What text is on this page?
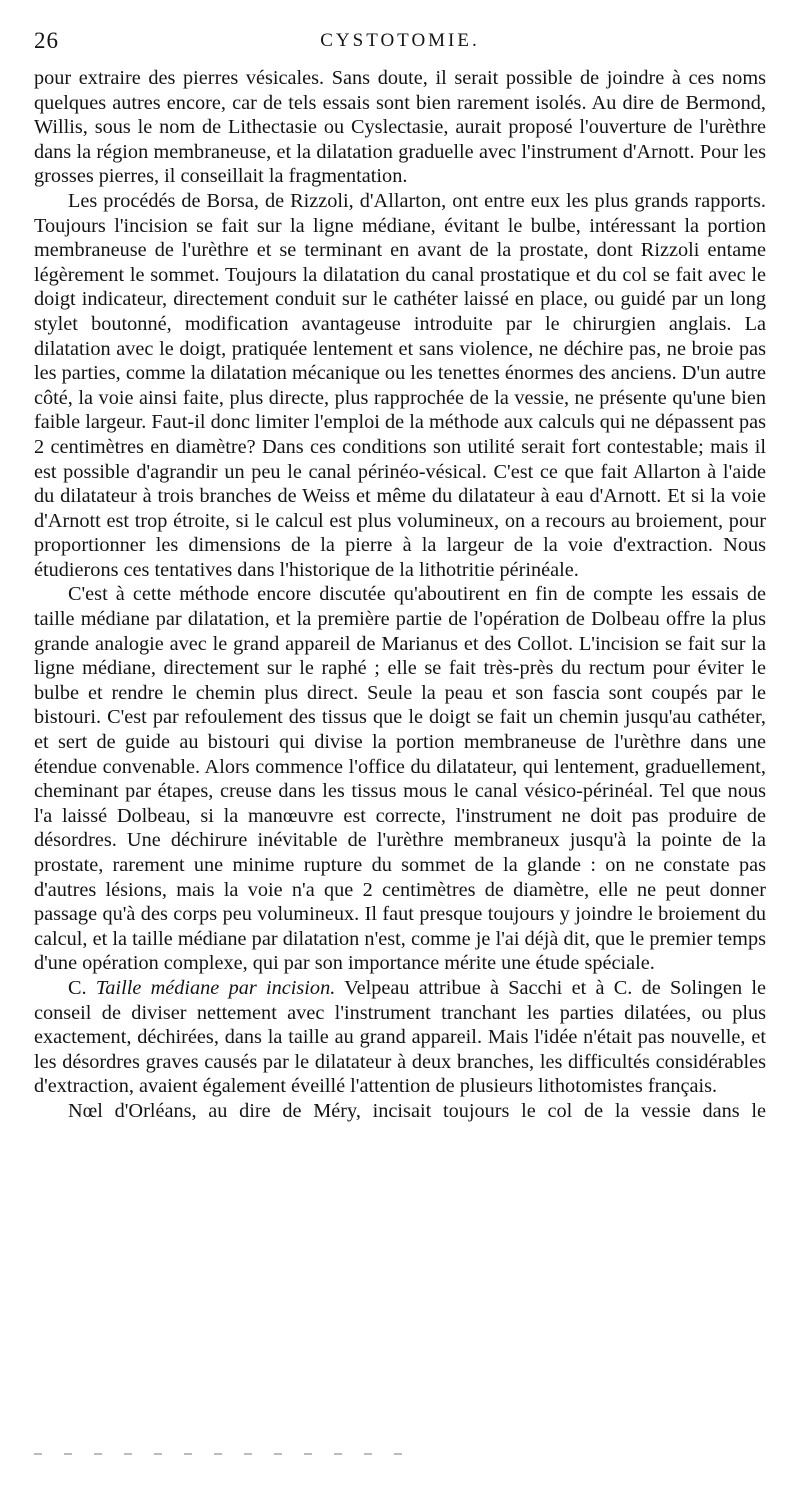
26	CYSTOTOMIE.

pour extraire des pierres vésicales. Sans doute, il serait possible de joindre à ces noms quelques autres encore, car de tels essais sont bien rarement isolés. Au dire de Bermond, Willis, sous le nom de Lithectasie ou Cyslectasie, aurait proposé l'ouverture de l'urèthre dans la région membraneuse, et la dilatation graduelle avec l'instrument d'Arnott. Pour les grosses pierres, il conseillait la fragmentation.

Les procédés de Borsa, de Rizzoli, d'Allarton, ont entre eux les plus grands rapports. Toujours l'incision se fait sur la ligne médiane, évitant le bulbe, intéressant la portion membraneuse de l'urèthre et se terminant en avant de la prostate, dont Rizzoli entame légèrement le sommet. Toujours la dilatation du canal prostatique et du col se fait avec le doigt indicateur, directement conduit sur le cathéter laissé en place, ou guidé par un long stylet boutonné, modification avantageuse introduite par le chirurgien anglais. La dilatation avec le doigt, pratiquée lentement et sans violence, ne déchire pas, ne broie pas les parties, comme la dilatation mécanique ou les tenettes énormes des anciens. D'un autre côté, la voie ainsi faite, plus directe, plus rapprochée de la vessie, ne présente qu'une bien faible largeur. Faut-il donc limiter l'emploi de la méthode aux calculs qui ne dépassent pas 2 centimètres en diamètre? Dans ces conditions son utilité serait fort contestable; mais il est possible d'agrandir un peu le canal périnéo-vésical. C'est ce que fait Allarton à l'aide du dilatateur à trois branches de Weiss et même du dilatateur à eau d'Arnott. Et si la voie d'Arnott est trop étroite, si le calcul est plus volumineux, on a recours au broiement, pour proportionner les dimensions de la pierre à la largeur de la voie d'extraction. Nous étudierons ces tentatives dans l'historique de la lithotritie périnéale.

C'est à cette méthode encore discutée qu'aboutirent en fin de compte les essais de taille médiane par dilatation, et la première partie de l'opération de Dolbeau offre la plus grande analogie avec le grand appareil de Marianus et des Collot. L'incision se fait sur la ligne médiane, directement sur le raphé ; elle se fait très-près du rectum pour éviter le bulbe et rendre le chemin plus direct. Seule la peau et son fascia sont coupés par le bistouri. C'est par refoulement des tissus que le doigt se fait un chemin jusqu'au cathéter, et sert de guide au bistouri qui divise la portion membraneuse de l'urèthre dans une étendue convenable. Alors commence l'office du dilatateur, qui lentement, graduellement, cheminant par étapes, creuse dans les tissus mous le canal vésico-périnéal. Tel que nous l'a laissé Dolbeau, si la manœuvre est correcte, l'instrument ne doit pas produire de désordres. Une déchirure inévitable de l'urèthre membraneux jusqu'à la pointe de la prostate, rarement une minime rupture du sommet de la glande : on ne constate pas d'autres lésions, mais la voie n'a que 2 centimètres de diamètre, elle ne peut donner passage qu'à des corps peu volumineux. Il faut presque toujours y joindre le broiement du calcul, et la taille médiane par dilatation n'est, comme je l'ai déjà dit, que le premier temps d'une opération complexe, qui par son importance mérite une étude spéciale.

C. Taille médiane par incision. Velpeau attribue à Sacchi et à C. de Solingen le conseil de diviser nettement avec l'instrument tranchant les parties dilatées, ou plus exactement, déchirées, dans la taille au grand appareil. Mais l'idée n'était pas nouvelle, et les désordres graves causés par le dilatateur à deux branches, les difficultés considérables d'extraction, avaient également éveillé l'attention de plusieurs lithotomistes français.

Nœl d'Orléans, au dire de Méry, incisait toujours le col de la vessie dans le
